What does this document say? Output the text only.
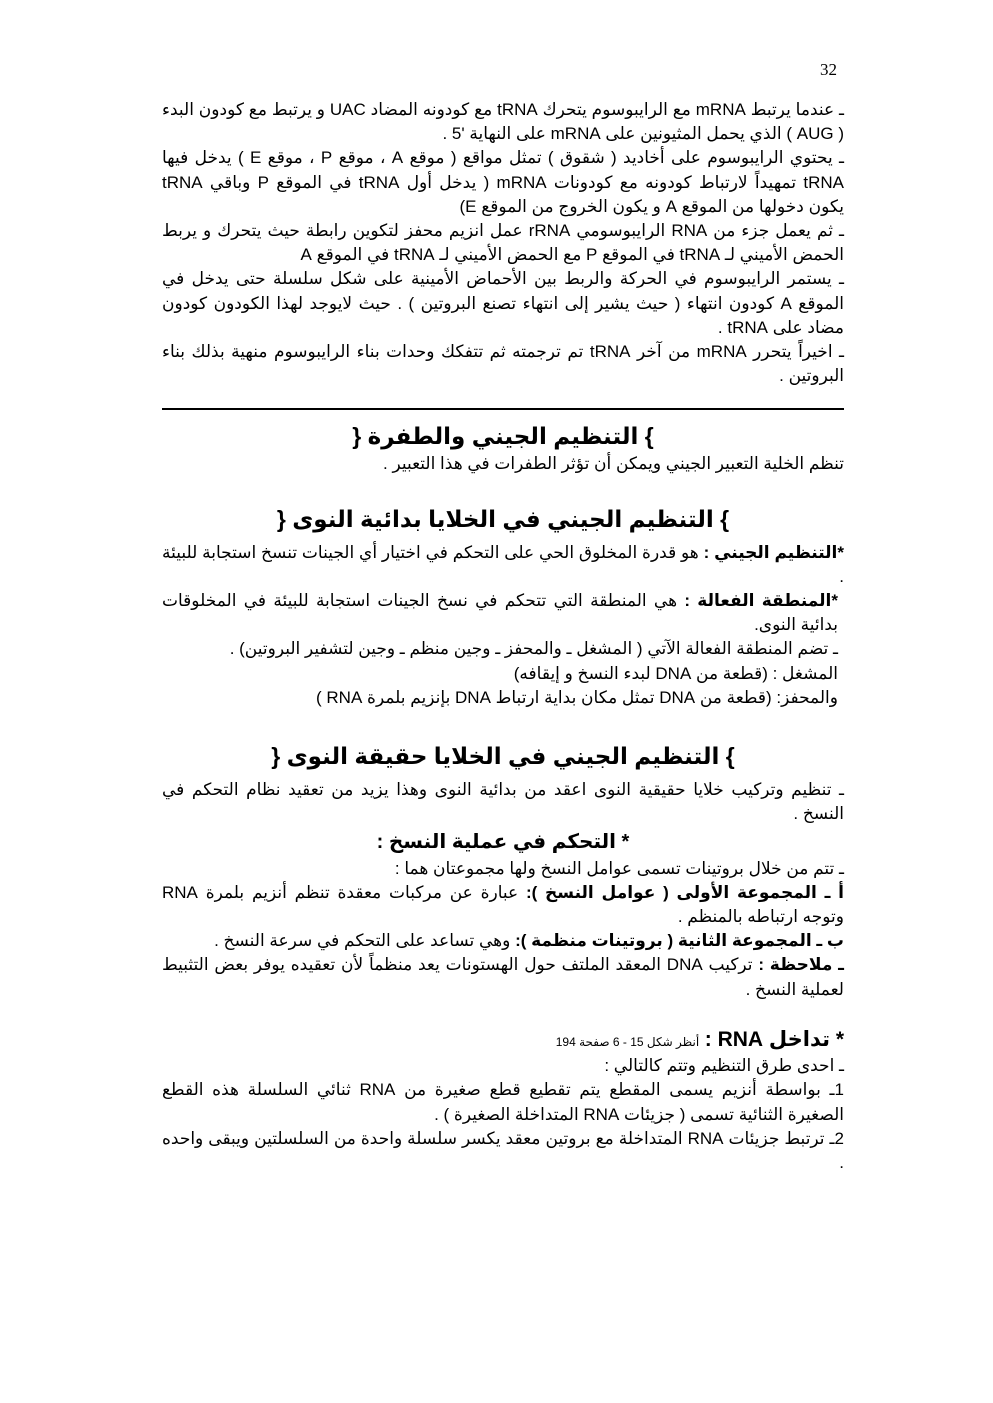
32

ـ عندما يرتبط mRNA مع الرايبوسوم يتحرك tRNA مع كودونه المضاد UAC و يرتبط مع كودون البدء ( AUG ) الذي يحمل المثيونين على mRNA على النهاية '5 .

ـ يحتوي الرايبوسوم على أخاديد ( شقوق ) تمثل مواقع ( موقع A ، موقع P ، موقع E ) يدخل فيها tRNA تمهيداً لارتباط كودونه مع كودونات mRNA ( يدخل أول tRNA في الموقع P وباقي tRNA يكون دخولها من الموقع A و يكون الخروج من الموقع E)

ـ ثم يعمل جزء من RNA الرايبوسومي rRNA عمل انزيم محفز لتكوين رابطة حيث يتحرك و يربط الحمض الأميني لـ tRNA في الموقع P مع الحمض الأميني لـ tRNA في الموقع A

ـ يستمر الرايبوسوم في الحركة والربط بين الأحماض الأمينية على شكل سلسلة حتى يدخل في الموقع A كودون انتهاء ( حيث يشير إلى انتهاء تصنع البروتين ) . حيث لايوجد لهذا الكودون كودون مضاد على tRNA .

ـ اخيراً يتحرر mRNA من آخر tRNA تم ترجمته ثم تتفكك وحدات بناء الرايبوسوم منهية بذلك بناء البروتين .

} التنظيم الجيني والطفرة {

تنظم الخلية التعبير الجيني ويمكن أن تؤثر الطفرات في هذا التعبير .

} التنظيم الجيني في الخلايا بدائية النوى {

*التنظيم الجيني : هو قدرة المخلوق الحي على التحكم في اختيار أي الجينات تنسخ استجابة للبيئة .

*المنطقة الفعالة : هي المنطقة التي تتحكم في نسخ الجينات استجابة للبيئة في المخلوقات بدائية النوى.

ـ تضم المنطقة الفعالة الآتي ( المشغل ـ والمحفز ـ وجين منظم ـ وجين لتشفير البروتين) .

المشغل : (قطعة من DNA لبدء النسخ و إيقافه)

والمحفز: (قطعة من DNA تمثل مكان بداية ارتباط DNA بإنزيم بلمرة RNA )

} التنظيم الجيني في الخلايا حقيقة النوى {

ـ تنظيم وتركيب خلايا حقيقية النوى اعقد من بدائية النوى وهذا يزيد من تعقيد نظام التحكم في النسخ .

* التحكم في عملية النسخ :

ـ تتم من خلال بروتينات تسمى عوامل النسخ ولها مجموعتان هما :

أ ـ المجموعة الأولى ( عوامل النسخ ): عبارة عن مركبات معقدة تنظم أنزيم بلمرة RNA وتوجه ارتباطه بالمنظم .

ب ـ المجموعة الثانية ( بروتينات منظمة ): وهي تساعد على التحكم في سرعة النسخ .

ـ ملاحظة : تركيب DNA المعقد الملتف حول الهستونات يعد منظماً لأن تعقيده يوفر بعض التثبيط لعملية النسخ .

* تداخل RNA : أنظر شكل 15 - 6 صفحة 194

ـ احدى طرق التنظيم وتتم كالتالي :

1ـ بواسطة أنزيم يسمى المقطع يتم تقطيع قطع صغيرة من RNA ثنائي السلسلة هذه القطع الصغيرة الثنائية تسمى ( جزيئات RNA المتداخلة الصغيرة ) .

2ـ ترتبط جزيئات RNA المتداخلة مع بروتين معقد يكسر سلسلة واحدة من السلسلتين ويبقى واحده .
